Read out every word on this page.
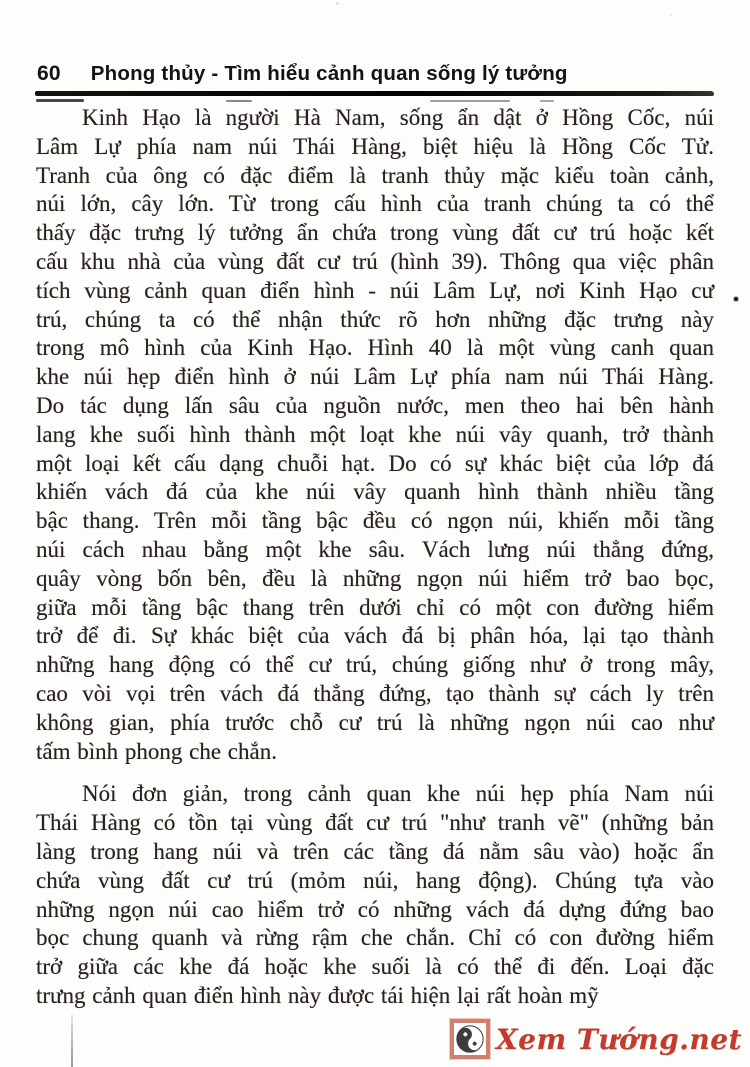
60 Phong thủy - Tìm hiểu cảnh quan sống lý tưởng
Kinh Hạo là người Hà Nam, sống ẩn dật ở Hồng Cốc, núi
Lâm Lự phía nam núi Thái Hàng, biệt hiệu là Hồng Cốc Tử.
Tranh của ông có đặc điểm là tranh thủy mặc kiểu toàn cảnh,
núi lớn, cây lớn. Từ trong cấu hình của tranh chúng ta có thể
thấy đặc trưng lý tưởng ẩn chứa trong vùng đất cư trú hoặc kết
cấu khu nhà của vùng đất cư trú (hình 39). Thông qua việc phân
tích vùng cảnh quan điển hình - núi Lâm Lự, nơi Kinh Hạo cư
trú, chúng ta có thể nhận thức rõ hơn những đặc trưng này
trong mô hình của Kinh Hạo. Hình 40 là một vùng canh quan
khe núi hẹp điển hình ở núi Lâm Lự phía nam núi Thái Hàng.
Do tác dụng lấn sâu của nguồn nước, men theo hai bên hành
lang khe suối hình thành một loạt khe núi vây quanh, trở thành
một loại kết cấu dạng chuỗi hạt. Do có sự khác biệt của lớp đá
khiến vách đá của khe núi vây quanh hình thành nhiều tầng
bậc thang. Trên mỗi tầng bậc đều có ngọn núi, khiến mỗi tầng
núi cách nhau bằng một khe sâu. Vách lưng núi thẳng đứng,
quây vòng bốn bên, đều là những ngọn núi hiểm trở bao bọc,
giữa mỗi tầng bậc thang trên dưới chỉ có một con đường hiểm
trở để đi. Sự khác biệt của vách đá bị phân hóa, lại tạo thành
những hang động có thể cư trú, chúng giống như ở trong mây,
cao vòi vọi trên vách đá thẳng đứng, tạo thành sự cách ly trên
không gian, phía trước chỗ cư trú là những ngọn núi cao như
tấm bình phong che chắn.
Nói đơn giản, trong cảnh quan khe núi hẹp phía Nam núi
Thái Hàng có tồn tại vùng đất cư trú "như tranh vẽ" (những bản
làng trong hang núi và trên các tầng đá nằm sâu vào) hoặc ẩn
chứa vùng đất cư trú (mỏm núi, hang động). Chúng tựa vào
những ngọn núi cao hiểm trở có những vách đá dựng đứng bao
bọc chung quanh và rừng rậm che chắn. Chỉ có con đường hiểm
trở giữa các khe đá hoặc khe suối là có thể đi đến. Loại đặc
trưng cảnh quan điển hình này được tái hiện lại rất hoàn mỹ
Xem Tướng.net
